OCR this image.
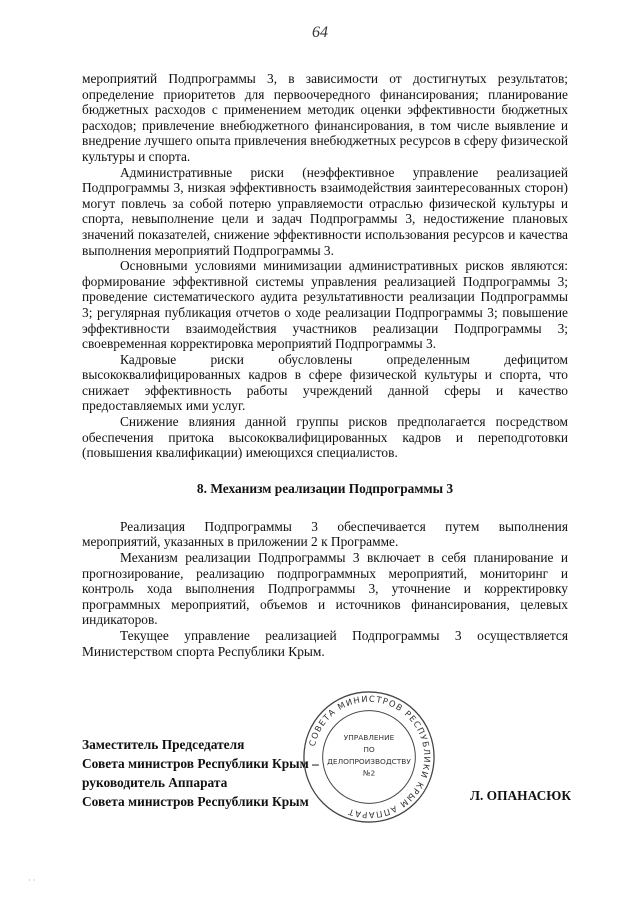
64

мероприятий Подпрограммы 3, в зависимости от достигнутых результатов; определение приоритетов для первоочередного финансирования; планирование бюджетных расходов с применением методик оценки эффективности бюджетных расходов; привлечение внебюджетного финансирования, в том числе выявление и внедрение лучшего опыта привлечения внебюджетных ресурсов в сферу физической культуры и спорта.

Административные риски (неэффективное управление реализацией Подпрограммы 3, низкая эффективность взаимодействия заинтересованных сторон) могут повлечь за собой потерю управляемости отраслью физической культуры и спорта, невыполнение цели и задач Подпрограммы 3, недостижение плановых значений показателей, снижение эффективности использования ресурсов и качества выполнения мероприятий Подпрограммы 3.

Основными условиями минимизации административных рисков являются: формирование эффективной системы управления реализацией Подпрограммы 3; проведение систематического аудита результативности реализации Подпрограммы 3; регулярная публикация отчетов о ходе реализации Подпрограммы 3; повышение эффективности взаимодействия участников реализации Подпрограммы 3; своевременная корректировка мероприятий Подпрограммы 3.

Кадровые риски обусловлены определенным дефицитом высококвалифицированных кадров в сфере физической культуры и спорта, что снижает эффективность работы учреждений данной сферы и качество предоставляемых ими услуг.

Снижение влияния данной группы рисков предполагается посредством обеспечения притока высококвалифицированных кадров и переподготовки (повышения квалификации) имеющихся специалистов.

8. Механизм реализации Подпрограммы 3

Реализация Подпрограммы 3 обеспечивается путем выполнения мероприятий, указанных в приложении 2 к Программе.

Механизм реализации Подпрограммы 3 включает в себя планирование и прогнозирование, реализацию подпрограммных мероприятий, мониторинг и контроль хода выполнения Подпрограммы 3, уточнение и корректировку программных мероприятий, объемов и источников финансирования, целевых индикаторов.

Текущее управление реализацией Подпрограммы 3 осуществляется Министерством спорта Республики Крым.

СОВЕТА МИНИСТРОВ РЕСПУБЛИКИ КРЫМ АППАРАТ
УПРАВЛЕНИЕ
ПО
ДЕЛОПРОИЗВОДСТВУ
№2
Заместитель Председателя
Совета министров Республики Крым –
руководитель Аппарата
Совета министров Республики Крым	Л. ОПАНАСЮК
· ·
